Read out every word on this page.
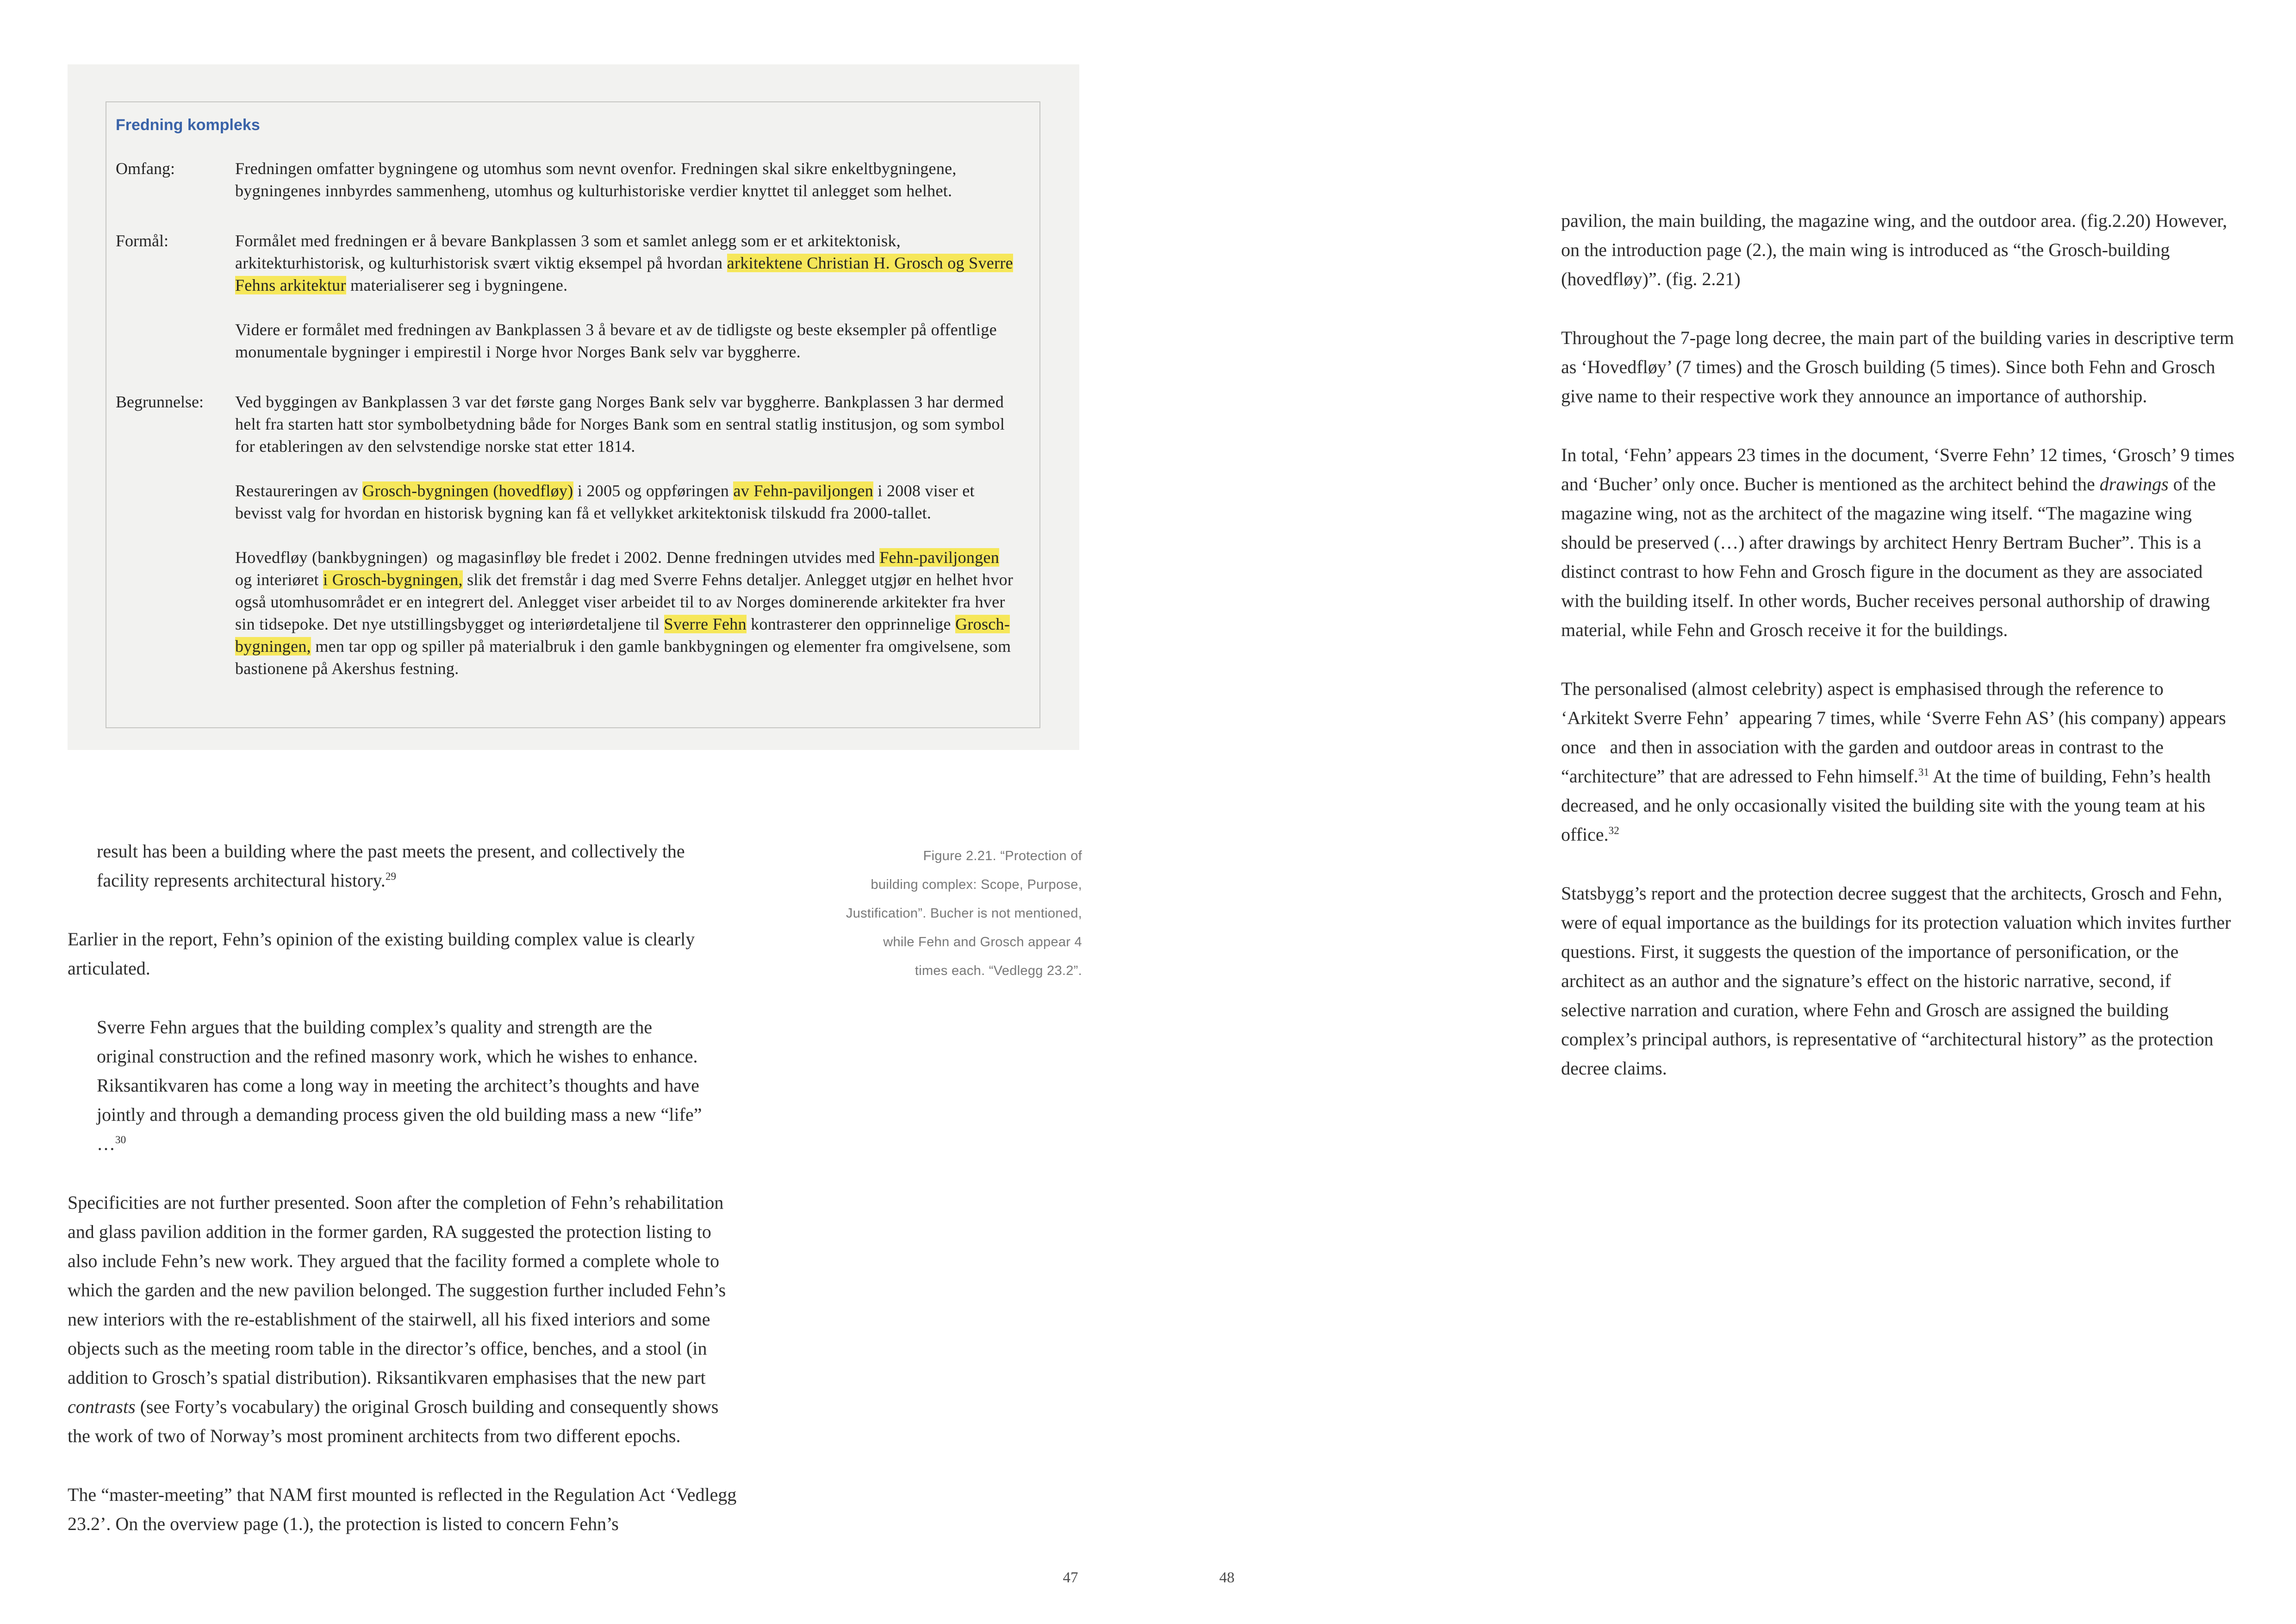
Fredning kompleks
Omfang:	Fredningen omfatter bygningene og utomhus som nevnt ovenfor. Fredningen skal sikre enkeltbygningene, bygningenes innbyrdes sammenheng, utomhus og kulturhistoriske verdier knyttet til anlegget som helhet.

Formål:	Formålet med fredningen er å bevare Bankplassen 3 som et samlet anlegg som er et arkitektonisk, arkitekturhistorisk, og kulturhistorisk svært viktig eksempel på hvordan arkitektene Christian H. Grosch og Sverre Fehns arkitektur materialiserer seg i bygningene.

Videre er formålet med fredningen av Bankplassen 3 å bevare et av de tidligste og beste eksempler på offentlige monumentale bygninger i empirestil i Norge hvor Norges Bank selv var byggherre.

Begrunnelse:	Ved byggingen av Bankplassen 3 var det første gang Norges Bank selv var byggherre. Bankplassen 3 har dermed helt fra starten hatt stor symbolbetydning både for Norges Bank som en sentral statlig institusjon, og som symbol for etableringen av den selvstendige norske stat etter 1814.

Restaureringen av Grosch-bygningen (hovedfløy) i 2005 og oppføringen av Fehn-paviljongen i 2008 viser et bevisst valg for hvordan en historisk bygning kan få et vellykket arkitektonisk tilskudd fra 2000-tallet.

Hovedfløy (bankbygningen) og magasinfløy ble fredet i 2002. Denne fredningen utvides med Fehn-paviljongen og interiøret i Grosch-bygningen, slik det fremstår i dag med Sverre Fehns detaljer. Anlegget utgjør en helhet hvor også utomhusområdet er en integrert del. Anlegget viser arbeidet til to av Norges dominerende arkitekter fra hver sin tidsepoke. Det nye utstillingsbygget og interiørdetaljene til Sverre Fehn kontrasterer den opprinnelige Grosch-bygningen, men tar opp og spiller på materialbruk i den gamle bankbygningen og elementer fra omgivelsene, som bastionene på Akershus festning.

result has been a building where the past meets the present, and collectively the facility represents architectural history.$^{29}$

Earlier in the report, Fehn’s opinion of the existing building complex value is clearly articulated.

Sverre Fehn argues that the building complex’s quality and strength are the original construction and the refined masonry work, which he wishes to enhance. Riksantikvaren has come a long way in meeting the architect’s thoughts and have jointly and through a demanding process given the old building mass a new “life” …$^{30}$

Specificities are not further presented. Soon after the completion of Fehn’s rehabilitation and glass pavilion addition in the former garden, RA suggested the protection listing to also include Fehn’s new work. They argued that the facility formed a complete whole to which the garden and the new pavilion belonged. The suggestion further included Fehn’s new interiors with the re-establishment of the stairwell, all his fixed interiors and some objects such as the meeting room table in the director’s office, benches, and a stool (in addition to Grosch’s spatial distribution). Riksantikvaren emphasises that the new part contrasts (see Forty’s vocabulary) the original Grosch building and consequently shows the work of two of Norway’s most prominent architects from two different epochs.

The “master-meeting” that NAM first mounted is reflected in the Regulation Act ‘Vedlegg 23.2’. On the overview page (1.), the protection is listed to concern Fehn’s

Figure 2.21. “Protection of
building complex: Scope, Purpose,
Justification”. Bucher is not mentioned,
while Fehn and Grosch appear 4
times each. “Vedlegg 23.2”.
47

pavilion, the main building, the magazine wing, and the outdoor area. (fig.2.20) However, on the introduction page (2.), the main wing is introduced as “the Grosch-building (hovedfløy)”. (fig. 2.21)

Throughout the 7-page long decree, the main part of the building varies in descriptive term as ‘Hovedfløy’ (7 times) and the Grosch building (5 times). Since both Fehn and Grosch give name to their respective work they announce an importance of authorship.

In total, ‘Fehn’ appears 23 times in the document, ‘Sverre Fehn’ 12 times, ‘Grosch’ 9 times and ‘Bucher’ only once. Bucher is mentioned as the architect behind the drawings of the magazine wing, not as the architect of the magazine wing itself. “The magazine wing should be preserved (…) after drawings by architect Henry Bertram Bucher”. This is a distinct contrast to how Fehn and Grosch figure in the document as they are associated with the building itself. In other words, Bucher receives personal authorship of drawing material, while Fehn and Grosch receive it for the buildings.

The personalised (almost celebrity) aspect is emphasised through the reference to ‘Arkitekt Sverre Fehn’ appearing 7 times, while ‘Sverre Fehn AS’ (his company) appears once  and then in association with the garden and outdoor areas in contrast to the “architecture” that are adressed to Fehn himself.$^{31}$ At the time of building, Fehn’s health decreased, and he only occasionally visited the building site with the young team at his office.$^{32}$

Statsbygg’s report and the protection decree suggest that the architects, Grosch and Fehn, were of equal importance as the buildings for its protection valuation which invites further questions. First, it suggests the question of the importance of personification, or the architect as an author and the signature’s effect on the historic narrative, second, if selective narration and curation, where Fehn and Grosch are assigned the building complex’s principal authors, is representative of “architectural history” as the protection decree claims.

48
